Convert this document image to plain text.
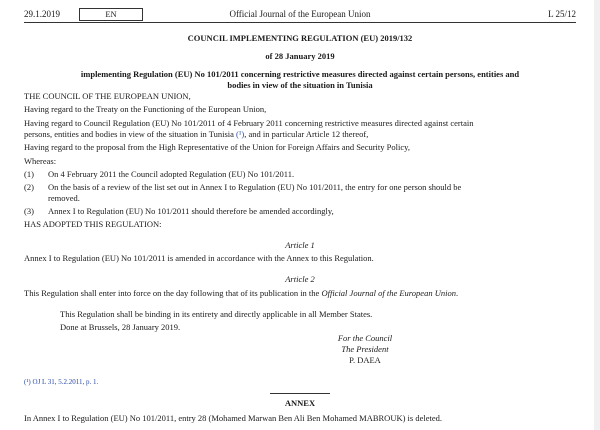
29.1.2019	EN	Official Journal of the European Union	L 25/12
COUNCIL IMPLEMENTING REGULATION (EU) 2019/132
of 28 January 2019
implementing Regulation (EU) No 101/2011 concerning restrictive measures directed against certain persons, entities and
bodies in view of the situation in Tunisia
THE COUNCIL OF THE EUROPEAN UNION,
Having regard to the Treaty on the Functioning of the European Union,
Having regard to Council Regulation (EU) No 101/2011 of 4 February 2011 concerning restrictive measures directed against certain
persons, entities and bodies in view of the situation in Tunisia (¹), and in particular Article 12 thereof,
Having regard to the proposal from the High Representative of the Union for Foreign Affairs and Security Policy,
Whereas:
(1) On 4 February 2011 the Council adopted Regulation (EU) No 101/2011.
(2) On the basis of a review of the list set out in Annex I to Regulation (EU) No 101/2011, the entry for one person should be
removed.
(3) Annex I to Regulation (EU) No 101/2011 should therefore be amended accordingly,
HAS ADOPTED THIS REGULATION:
Article 1
Annex I to Regulation (EU) No 101/2011 is amended in accordance with the Annex to this Regulation.
Article 2
This Regulation shall enter into force on the day following that of its publication in the Official Journal of the European Union.
This Regulation shall be binding in its entirety and directly applicable in all Member States.
Done at Brussels, 28 January 2019.
For the Council
The President
P. DAEA
(¹) OJ L 31, 5.2.2011, p. 1.
ANNEX
In Annex I to Regulation (EU) No 101/2011, entry 28 (Mohamed Marwan Ben Ali Ben Mohamed MABROUK) is deleted.
